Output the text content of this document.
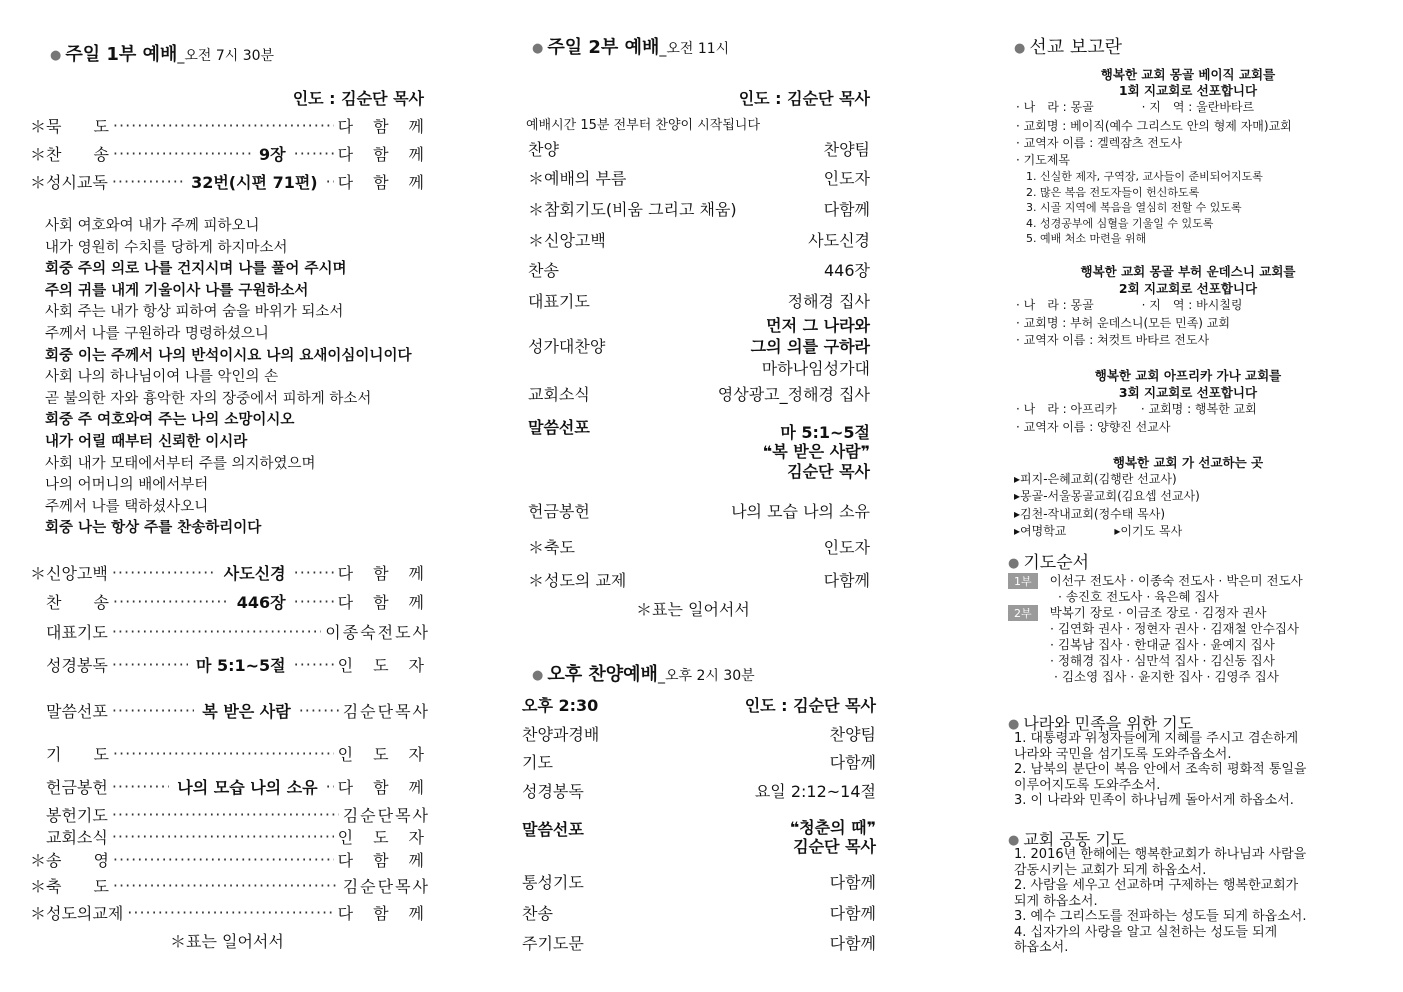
● 주일 1부 예배_오전 7시 30분
인도 : 김순단 목사
＊묵　　도 ·····	다함께
＊찬　　송 ·····	9장 ·····	다함께
＊성시교독 ·····	32번(시편 71편) ····· 다함께
사회 여호와여 내가 주께 피하오니
내가 영원히 수치를 당하게 하지마소서
회중 주의 의로 나를 건지시며 나를 풀어 주시며
주의 귀를 내게 기울이사 나를 구원하소서
사회 주는 내가 항상 피하여 숨을 바위가 되소서
주께서 나를 구원하라 명령하셨으니
회중 이는 주께서 나의 반석이시요 나의 요새이심이니이다
사회 나의 하나님이여 나를 악인의 손
곧 불의한 자와 흉악한 자의 장중에서 피하게 하소서
회중 주 여호와여 주는 나의 소망이시오
내가 어릴 때부터 신뢰한 이시라
사회 내가 모태에서부터 주를 의지하였으며
나의 어머니의 배에서부터
주께서 나를 택하셨사오니
회중 나는 항상 주를 찬송하리이다
＊신앙고백 ·····	사도신경 ·····	다함께
　찬　　송 ·····	446장 ·····	다함께
　대표기도 ·····	이종숙전도사
　성경봉독 ·····	마 5:1~5절 ·····	인도자
　말씀선포 ·····	복 받은 사람 ·····	김순단목사
　기　　도 ·····	인도자
　헌금봉헌 ·····	나의 모습 나의 소유 ····· 다함께
　봉헌기도 ·····	김순단목사
　교회소식 ·····	인도자
＊송　　영 ·····	다함께
＊축　　도 ·····	김순단목사
＊성도의교제 ·····	다함께
＊표는 일어서서
● 주일 2부 예배_오전 11시
인도 : 김순단 목사
예배시간 15분 전부터 찬양이 시작됩니다
찬양	찬양팀
＊예배의 부름	인도자
＊참회기도(비움 그리고 채움)	다함께
＊신앙고백	사도신경
찬송	446장
대표기도	정해경 집사
성가대찬양
먼저 그 나라와
그의 의를 구하라
마하나임성가대
교회소식	영상광고_정해경 집사
말씀선포	마 5:1~5절
❝복 받은 사람❞
김순단 목사
헌금봉헌	나의 모습 나의 소유
＊축도	인도자
＊성도의 교제	다함께
＊표는 일어서서
● 오후 찬양예배_오후 2시 30분
오후 2:30	인도 : 김순단 목사
찬양과경배	찬양팀
기도	다함께
성경봉독	요일 2:12~14절
말씀선포	❝청춘의 때❞
김순단 목사
통성기도	다함께
찬송	다함께
주기도문	다함께
● 선교 보고란
행복한 교회 몽골 베이직 교회를
1회 지교회로 선포합니다
· 나　라 : 몽골　　　　· 지　역 : 울란바타르
· 교회명 : 베이직(예수 그리스도 안의 형제 자매)교회
· 교역자 이름 : 겔렉잠츠 전도사
· 기도제목
1. 신실한 제자, 구역장, 교사들이 준비되어지도록
2. 많은 복음 전도자들이 헌신하도록
3. 시골 지역에 복음을 열심히 전할 수 있도록
4. 성경공부에 심혈을 기울일 수 있도록
5. 예배 처소 마련을 위해
행복한 교회 몽골 부허 운데스니 교회를
2회 지교회로 선포합니다
· 나　라 : 몽골　　　　· 지　역 : 바시칠링
· 교회명 : 부허 운데스니(모든 민족) 교회
· 교역자 이름 : 쳐컷트 바타르 전도사
행복한 교회 아프리카 가나 교회를
3회 지교회로 선포합니다
· 나　라 : 아프리카　　· 교회명 : 행복한 교회
· 교역자 이름 : 양향진 선교사
행복한 교회 가 선교하는 곳
▸피지-은혜교회(김행란 선교사)
▸몽골-서울몽골교회(김요셉 선교사)
▸김천-작내교회(정수태 목사)
▸여명학교　　　　▸이기도 목사
● 기도순서
1부 이선구 전도사 · 이종숙 전도사 · 박은미 전도사
· 송진호 전도사 · 육은혜 집사
2부 박복기 장로 · 이금조 장로 · 김정자 권사
· 김연화 권사 · 정현자 권사 · 김재철 안수집사
· 김복남 집사 · 한대균 집사 · 윤예지 집사
· 정해경 집사 · 심만석 집사 · 김신동 집사
· 김소영 집사 · 윤지한 집사 · 김영주 집사
● 나라와 민족을 위한 기도
1. 대통령과 위정자들에게 지혜를 주시고 겸손하게
나라와 국민을 섬기도록 도와주옵소서.
2. 남북의 분단이 복음 안에서 조속히 평화적 통일을
이루어지도록 도와주소서.
3. 이 나라와 민족이 하나님께 돌아서게 하옵소서.
● 교회 공동 기도
1. 2016년 한해에는 행복한교회가 하나님과 사람을
감동시키는 교회가 되게 하옵소서.
2. 사람을 세우고 선교하며 구제하는 행복한교회가
되게 하옵소서.
3. 예수 그리스도를 전파하는 성도들 되게 하옵소서.
4. 십자가의 사랑을 알고 실천하는 성도들 되게
하옵소서.
